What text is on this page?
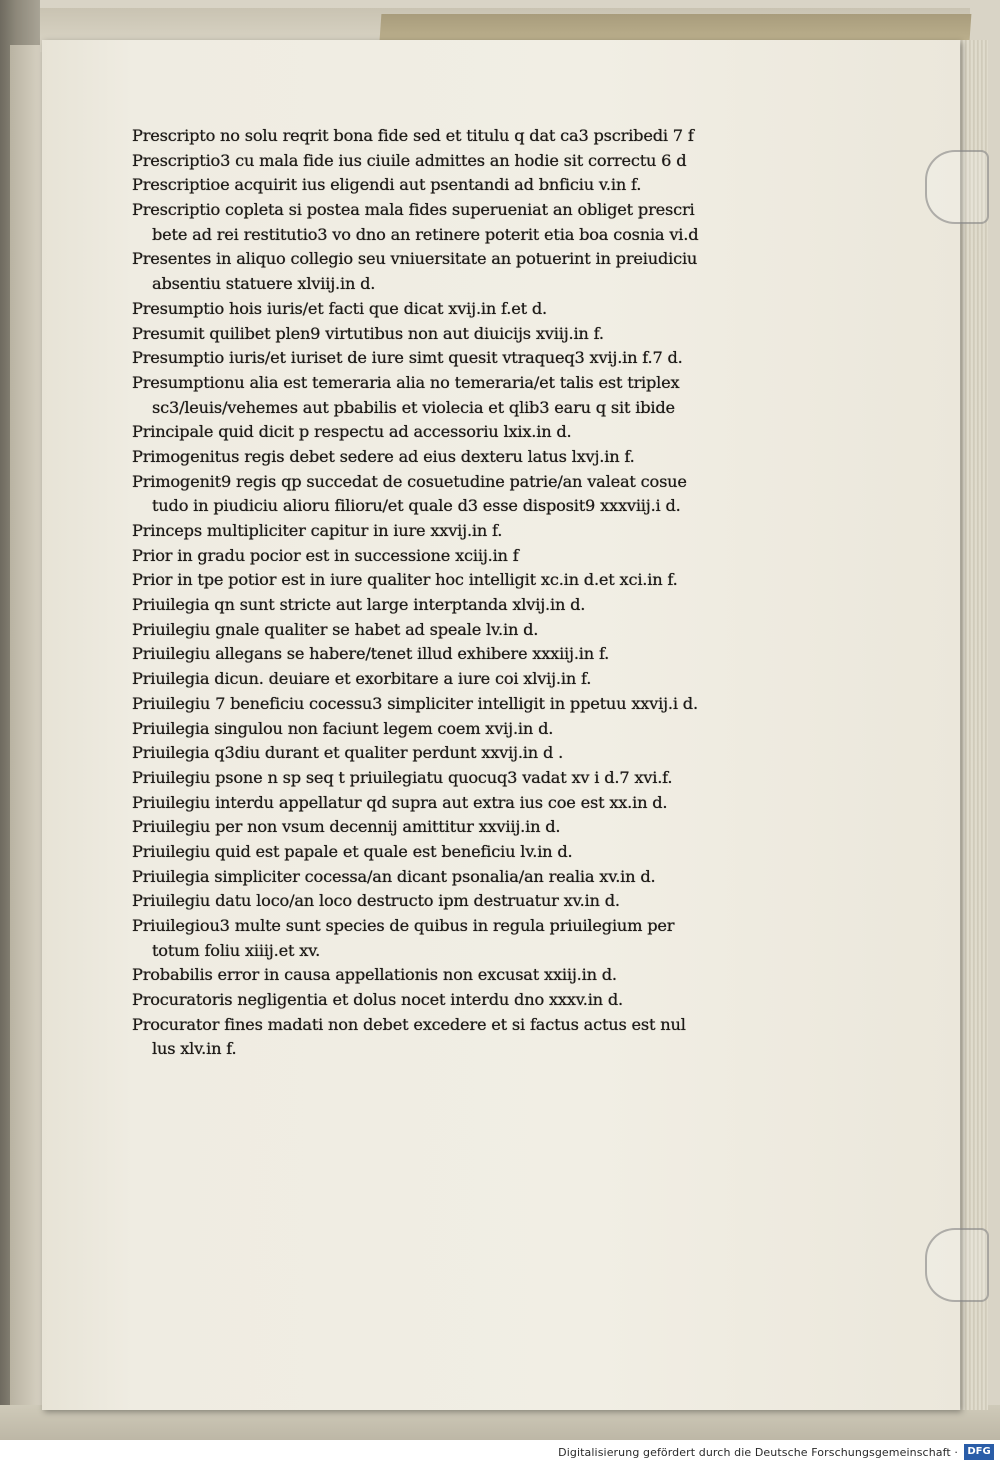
Prescripto no solu reqrit bona fide sed et titulu q dat ca3 pscribedi 7 f
Prescriptio3 cu mala fide ius ciuile admittes an hodie sit correctu 6 d
Prescriptioe acquirit ius eligendi aut psentandi ad bnficiu v.in f.
Prescriptio copleta si postea mala fides superueniat an obliget prescri
bete ad rei restitutio3 vo dno an retinere poterit etia boa cosnia vi.d
Presentes in aliquo collegio seu vniuersitate an potuerint in preiudiciu
absentiu statuere xlviij.in d.
Presumptio hois iuris/et facti que dicat xvij.in f.et d.
Presumit quilibet plen9 virtutibus non aut diuicijs xviij.in f.
Presumptio iuris/et iuriset de iure simt quesit vtraqueq3 xvij.in f.7 d.
Presumptionu alia est temeraria alia no temeraria/et talis est triplex
sc3/leuis/vehemes aut pbabilis et violecia et qlib3 earu q sit ibide
Principale quid dicit p respectu ad accessoriu lxix.in d.
Primogenitus regis debet sedere ad eius dexteru latus lxvj.in f.
Primogenit9 regis qp succedat de cosuetudine patrie/an valeat cosue
tudo in piudiciu alioru filioru/et quale d3 esse disposit9 xxxviij.i d.
Princeps multipliciter capitur in iure xxvij.in f.
Prior in gradu pocior est in successione xciij.in f
Prior in tpe potior est in iure qualiter hoc intelligit xc.in d.et xci.in f.
Priuilegia qn sunt stricte aut large interptanda xlvij.in d.
Priuilegiu gnale qualiter se habet ad speale lv.in d.
Priuilegiu allegans se habere/tenet illud exhibere xxxiij.in f.
Priuilegia dicun. deuiare et exorbitare a iure coi xlvij.in f.
Priuilegiu 7 beneficiu cocessu3 simpliciter intelligit in ppetuu xxvij.i d.
Priuilegia singulou non faciunt legem coem xvij.in d.
Priuilegia q3diu durant et qualiter perdunt xxvij.in d .
Priuilegiu psone n sp seq t priuilegiatu quocuq3 vadat xv i d.7 xvi.f.
Priuilegiu interdu appellatur qd supra aut extra ius coe est xx.in d.
Priuilegiu per non vsum decennij amittitur xxviij.in d.
Priuilegiu quid est papale et quale est beneficiu lv.in d.
Priuilegia simpliciter cocessa/an dicant psonalia/an realia xv.in d.
Priuilegiu datu loco/an loco destructo ipm destruatur xv.in d.
Priuilegiou3 multe sunt species de quibus in regula priuilegium per
totum foliu xiiij.et xv.
Probabilis error in causa appellationis non excusat xxiij.in d.
Procuratoris negligentia et dolus nocet interdu dno xxxv.in d.
Procurator fines madati non debet excedere et si factus actus est nul
lus xlv.in f.
Digitalisierung gefördert durch die Deutsche Forschungsgemeinschaft · DFG
